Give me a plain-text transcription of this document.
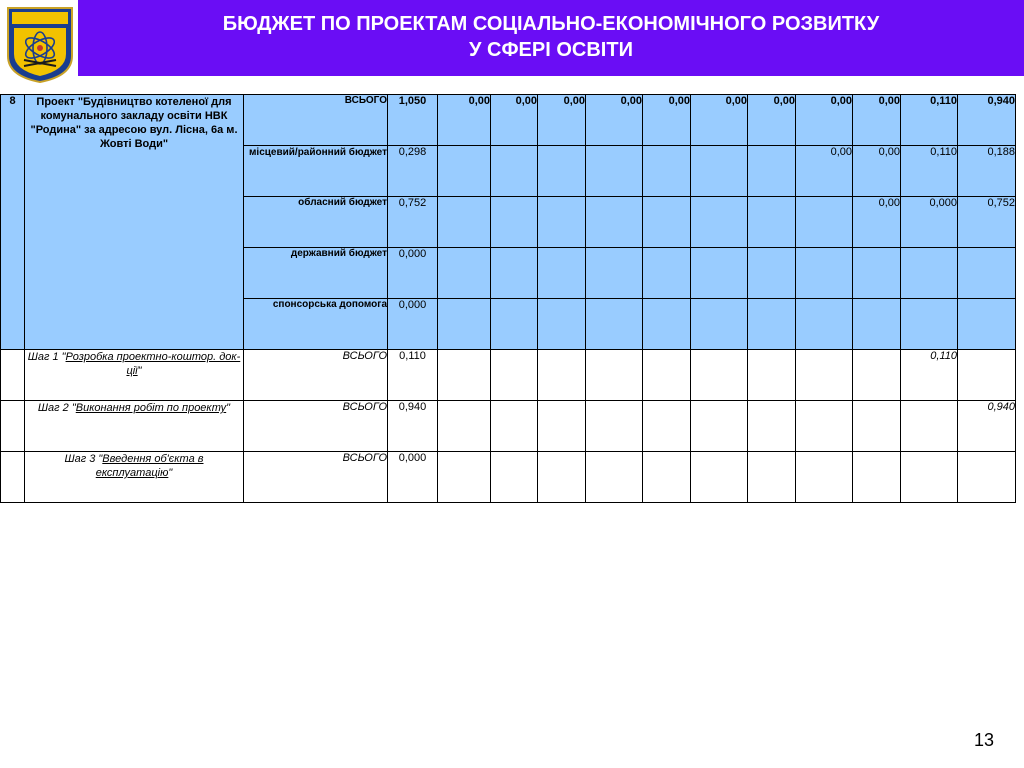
БЮДЖЕТ ПО ПРОЕКТАМ СОЦІАЛЬНО-ЕКОНОМІЧНОГО РОЗВИТКУ
У СФЕРІ ОСВІТИ
8	Проект "Будівництво котеленої для комунального закладу освіти НВК "Родина" за адресою вул. Лісна, 6а м. Жовті Води"	ВСЬОГО	1,050	0,00	0,00	0,00	0,00	0,00	0,00	0,00	0,00	0,00	0,110	0,940
		місцевий/районний бюджет	0,298								0,00	0,00	0,110	0,188
		обласний бюджет	0,752									0,00	0,000	0,752
		державний бюджет	0,000											
		спонсорська допомога	0,000											
	Шаг 1 "Розробка проектно-коштор. док-ції"	ВСЬОГО	0,110										0,110	
	Шаг 2 "Виконання робіт по проекту"	ВСЬОГО	0,940											0,940
	Шаг 3 "Введення об'єкта в експлуатацію"	ВСЬОГО	0,000											
13
